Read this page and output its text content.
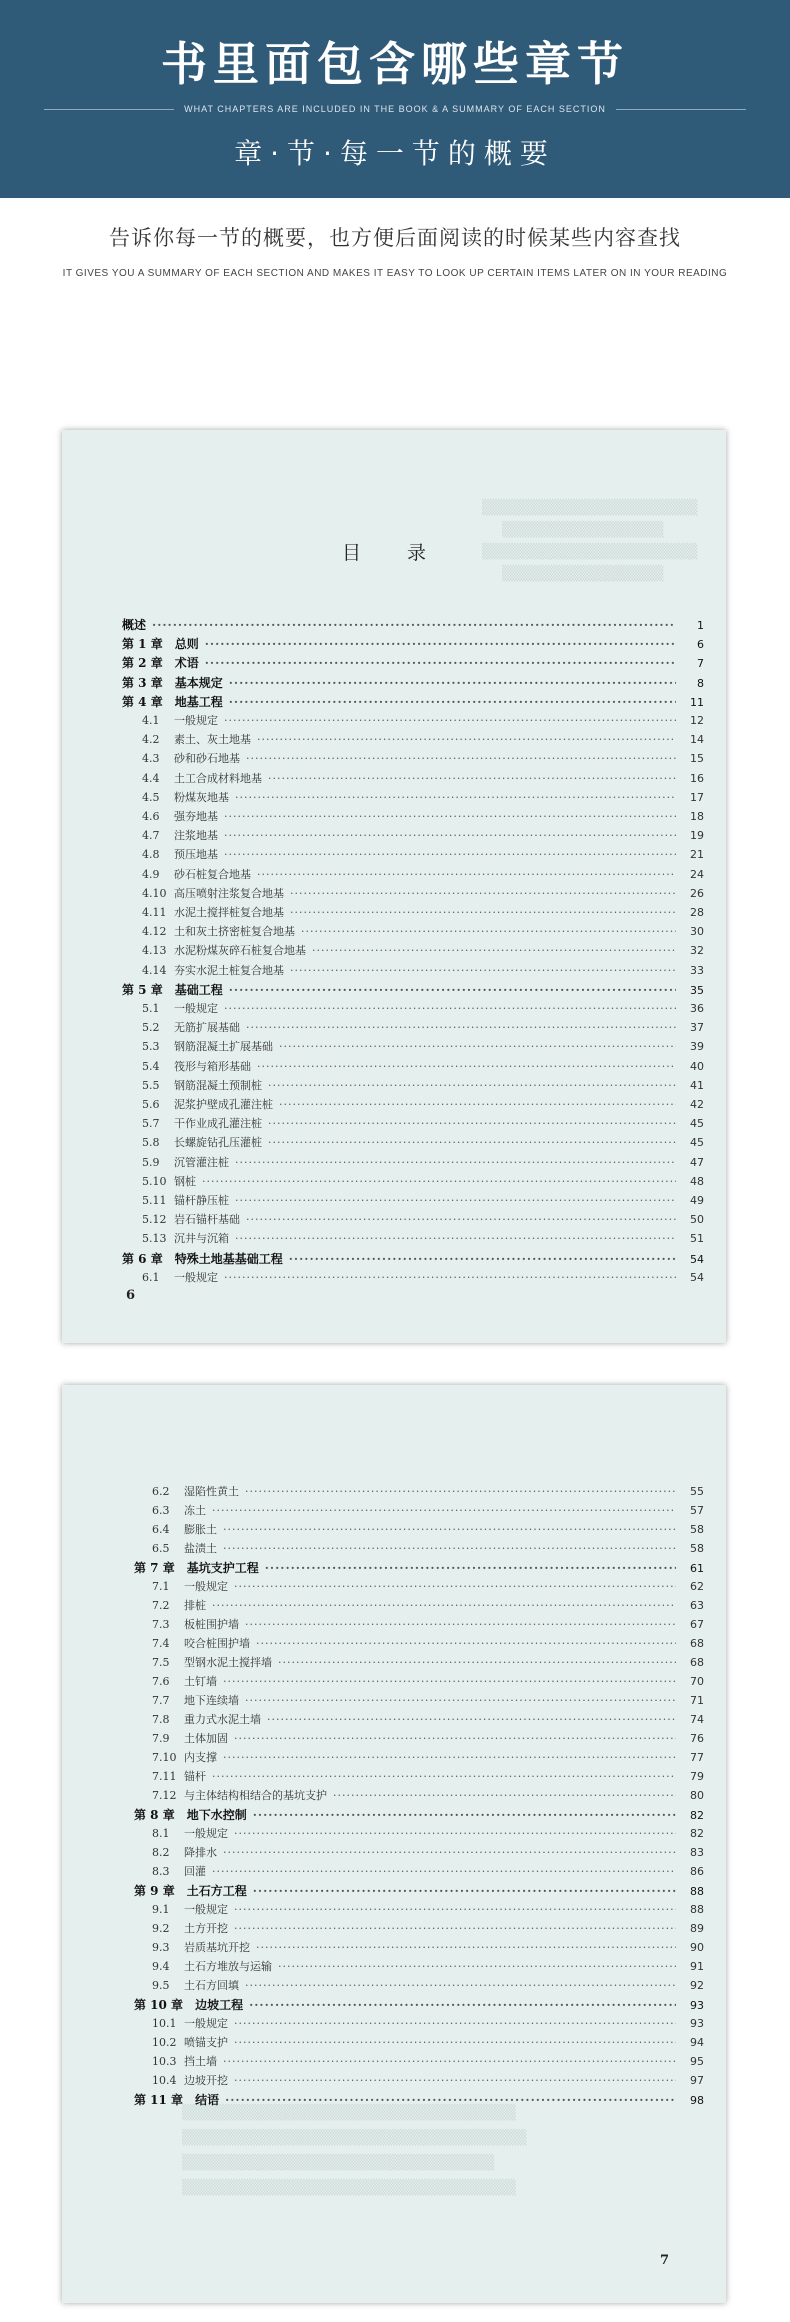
书里面包含哪些章节
WHAT CHAPTERS ARE INCLUDED IN THE BOOK & A SUMMARY OF EACH SECTION
章·节·每一节的概要
告诉你每一节的概要，也方便后面阅读的时候某些内容查找
IT GIVES YOU A SUMMARY OF EACH SECTION AND MAKES IT EASY TO LOOK UP CERTAIN ITEMS LATER ON IN YOUR READING
▒▒▒▒▒▒▒▒▒▒▒▒▒▒▒▒▒▒▒▒
▒▒▒▒▒▒▒▒▒▒▒▒▒▒▒
▒▒▒▒▒▒▒▒▒▒▒▒▒▒▒▒▒▒▒▒
▒▒▒▒▒▒▒▒▒▒▒▒▒▒▒
目 录
概述 ·····	1
第 1 章 总则 ·····	6
第 2 章 术语 ·····	7
第 3 章 基本规定 ·····	8
第 4 章 地基工程 ·····	11
4.1	一般规定 ·····	12
4.2	素土、灰土地基 ·····	14
4.3	砂和砂石地基 ·····	15
4.4	土工合成材料地基 ·····	16
4.5	粉煤灰地基 ·····	17
4.6	强夯地基 ·····	18
4.7	注浆地基 ·····	19
4.8	预压地基 ·····	21
4.9	砂石桩复合地基 ·····	24
4.10 高压喷射注浆复合地基 ·····	26
4.11 水泥土搅拌桩复合地基 ·····	28
4.12 土和灰土挤密桩复合地基 ·····	30
4.13 水泥粉煤灰碎石桩复合地基 ·····	32
4.14 夯实水泥土桩复合地基 ·····	33
第 5 章 基础工程 ·····	35
5.1	一般规定 ·····	36
5.2	无筋扩展基础 ·····	37
5.3	钢筋混凝土扩展基础 ·····	39
5.4	筏形与箱形基础 ·····	40
5.5	钢筋混凝土预制桩 ·····	41
5.6	泥浆护壁成孔灌注桩 ·····	42
5.7	干作业成孔灌注桩 ·····	45
5.8	长螺旋钻孔压灌桩 ·····	45
5.9	沉管灌注桩 ·····	47
5.10 钢桩 ·····	48
5.11 锚杆静压桩 ·····	49
5.12 岩石锚杆基础 ·····	50
5.13 沉井与沉箱 ·····	51
第 6 章 特殊土地基基础工程 ·····	54
6.1	一般规定 ·····	54
6
▒▒▒▒▒▒▒▒▒▒▒▒▒▒▒▒▒▒▒▒▒▒▒▒▒▒▒▒▒▒▒
▒▒▒▒▒▒▒▒▒▒▒▒▒▒▒▒▒▒▒▒▒▒▒▒▒▒▒▒▒▒▒▒
▒▒▒▒▒▒▒▒▒▒▒▒▒▒▒▒▒▒▒▒▒▒▒▒▒▒▒▒▒
▒▒▒▒▒▒▒▒▒▒▒▒▒▒▒▒▒▒▒▒▒▒▒▒▒▒▒▒▒▒▒
6.2	湿陷性黄土 ·····	55
6.3	冻土 ·····	57
6.4	膨胀土 ·····	58
6.5	盐渍土 ·····	58
第 7 章 基坑支护工程 ·····	61
7.1	一般规定 ·····	62
7.2	排桩 ·····	63
7.3	板桩围护墙 ·····	67
7.4	咬合桩围护墙 ·····	68
7.5	型钢水泥土搅拌墙 ·····	68
7.6	土钉墙 ·····	70
7.7	地下连续墙 ·····	71
7.8	重力式水泥土墙 ·····	74
7.9	土体加固 ·····	76
7.10 内支撑 ·····	77
7.11 锚杆 ·····	79
7.12 与主体结构相结合的基坑支护 ·····	80
第 8 章 地下水控制 ·····	82
8.1	一般规定 ·····	82
8.2	降排水 ·····	83
8.3	回灌 ·····	86
第 9 章 土石方工程 ·····	88
9.1	一般规定 ·····	88
9.2	土方开挖 ·····	89
9.3	岩质基坑开挖 ·····	90
9.4	土石方堆放与运输 ·····	91
9.5	土石方回填 ·····	92
第 10 章 边坡工程 ·····	93
10.1 一般规定 ·····	93
10.2 喷锚支护 ·····	94
10.3 挡土墙 ·····	95
10.4 边坡开挖 ·····	97
第 11 章 结语 ·····	98
7
